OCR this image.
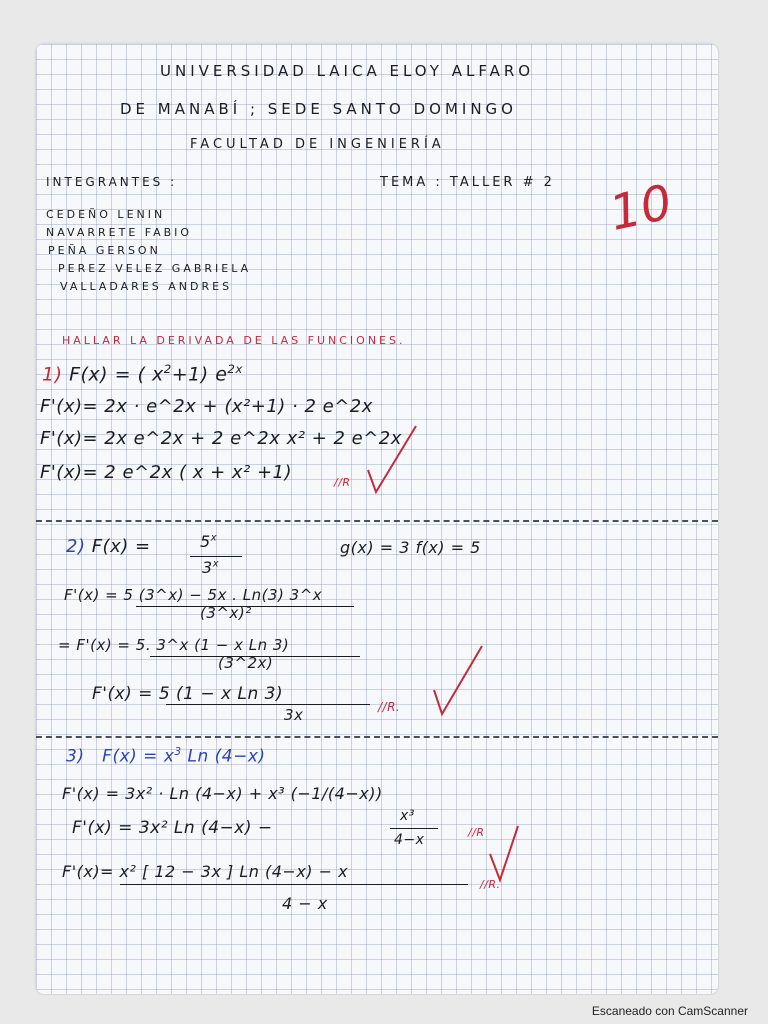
UNIVERSIDAD LAICA ELOY ALFARO
DE MANABÍ ; SEDE SANTO DOMINGO
FACULTAD DE INGENIERÍA
INTEGRANTES :	TEMA : TALLER # 2 10
CEDEÑO LENIN
NAVARRETE FABIO
PEÑA GERSON
PEREZ VELEZ GABRIELA
VALLADARES ANDRES
HALLAR LA DERIVADA DE LAS FUNCIONES.
1) F(x) = ( $x^2+1$) $e^{2x}$
F'(x)= 2x · e^2x + (x²+1) · 2 e^2x
F'(x)= 2x e^2x + 2 e^2x x² + 2 e^2x
F'(x)= 2 e^2x ( x + x² +1)	//R
2) F(x) =	$5^x$
3$^x$
g(x) = 3 f(x) = 5
F'(x) = 5 (3^x) − 5x . Ln(3) 3^x
(3^x)²
= F'(x) = 5. 3^x (1 − x Ln 3)
(3^2x)
F'(x) = 5 (1 − x Ln 3)
3x	//R.
3)   $F(x) = x^3$ Ln (4−x)
F'(x) = 3x² · Ln (4−x) + x³ (−1/(4−x))
F'(x) = 3x² Ln (4−x) −
x³
4−x	//R
F'(x)= x² [ 12 − 3x ] Ln (4−x) − x
4 − x
//R.
Escaneado con CamScanner
